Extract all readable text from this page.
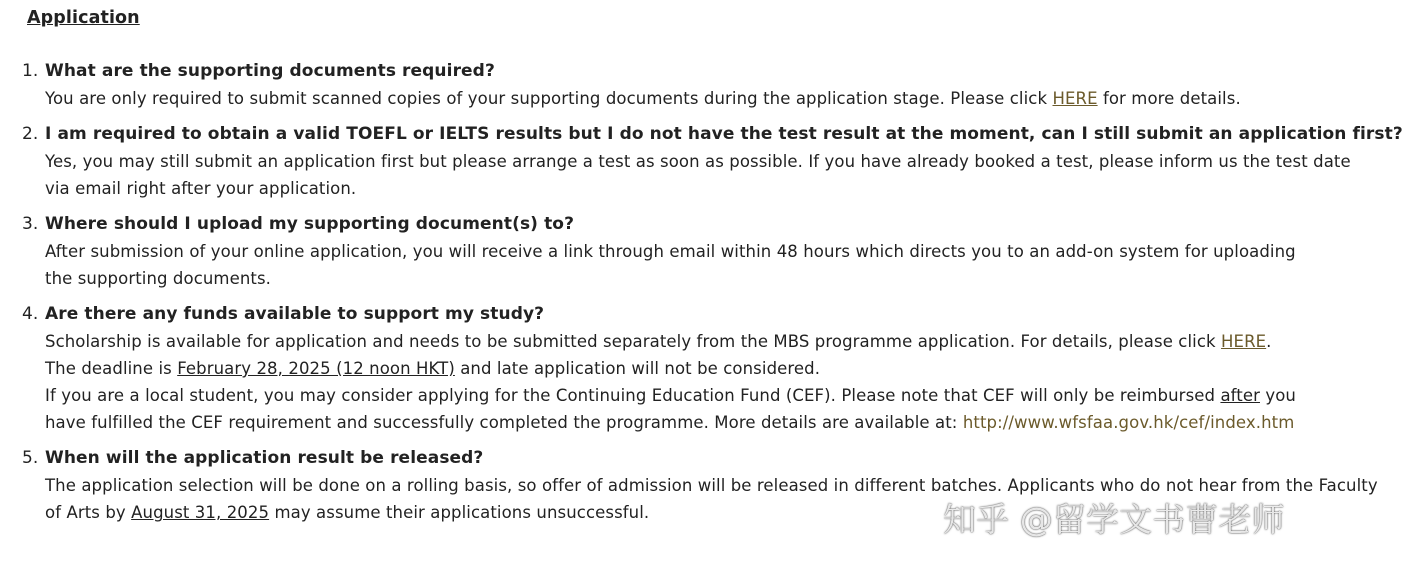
Application
1. What are the supporting documents required?
You are only required to submit scanned copies of your supporting documents during the application stage. Please click HERE for more details.
2. I am required to obtain a valid TOEFL or IELTS results but I do not have the test result at the moment, can I still submit an application first?
Yes, you may still submit an application first but please arrange a test as soon as possible. If you have already booked a test, please inform us the test date via email right after your application.
3. Where should I upload my supporting document(s) to?
After submission of your online application, you will receive a link through email within 48 hours which directs you to an add-on system for uploading the supporting documents.
4. Are there any funds available to support my study?

Scholarship is available for application and needs to be submitted separately from the MBS programme application. For details, please click HERE.

The deadline is February 28, 2025 (12 noon HKT) and late application will not be considered.

If you are a local student, you may consider applying for the Continuing Education Fund (CEF). Please note that CEF will only be reimbursed after you have fulfilled the CEF requirement and successfully completed the programme. More details are available at: http://www.wfsfaa.gov.hk/cef/index.htm

5. When will the application result be released?
The application selection will be done on a rolling basis, so offer of admission will be released in different batches. Applicants who do not hear from the Faculty of Arts by August 31, 2025 may assume their applications unsuccessful.	知乎 @留学文书曹老师
